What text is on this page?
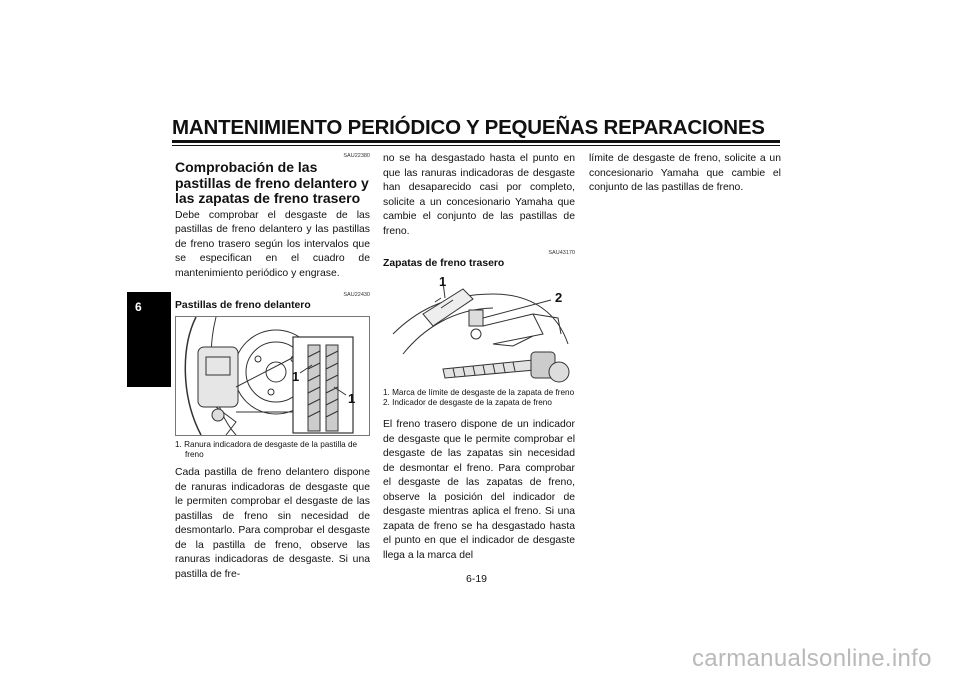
MANTENIMIENTO PERIÓDICO Y PEQUEÑAS REPARACIONES
6
SAU22380
Comprobación de las pastillas de freno delantero y las zapatas de freno trasero

Debe comprobar el desgaste de las pastillas de freno delantero y las pastillas de freno trasero según los intervalos que se especifican en el cuadro de mantenimiento periódico y engrase.

SAU22430
Pastillas de freno delantero
1
1
1. Ranura indicadora de desgaste de la pastilla de freno

Cada pastilla de freno delantero dispone de ranuras indicadoras de desgaste que le permiten comprobar el desgaste de las pastillas de freno sin necesidad de desmontarlo. Para comprobar el desgaste de la pastilla de freno, observe las ranuras indicadoras de desgaste. Si una pastilla de fre-

no se ha desgastado hasta el punto en que las ranuras indicadoras de desgaste han desaparecido casi por completo, solicite a un concesionario Yamaha que cambie el conjunto de las pastillas de freno.

SAU43170
Zapatas de freno trasero
1
2
1. Marca de límite de desgaste de la zapata de freno
2. Indicador de desgaste de la zapata de freno

El freno trasero dispone de un indicador de desgaste que le permite comprobar el desgaste de las zapatas sin necesidad de desmontar el freno. Para comprobar el desgaste de las zapatas de freno, observe la posición del indicador de desgaste mientras aplica el freno. Si una zapata de freno se ha desgastado hasta el punto en que el indicador de desgaste llega a la marca del

límite de desgaste de freno, solicite a un concesionario Yamaha que cambie el conjunto de las pastillas de freno.

6-19
carmanualsonline.info
